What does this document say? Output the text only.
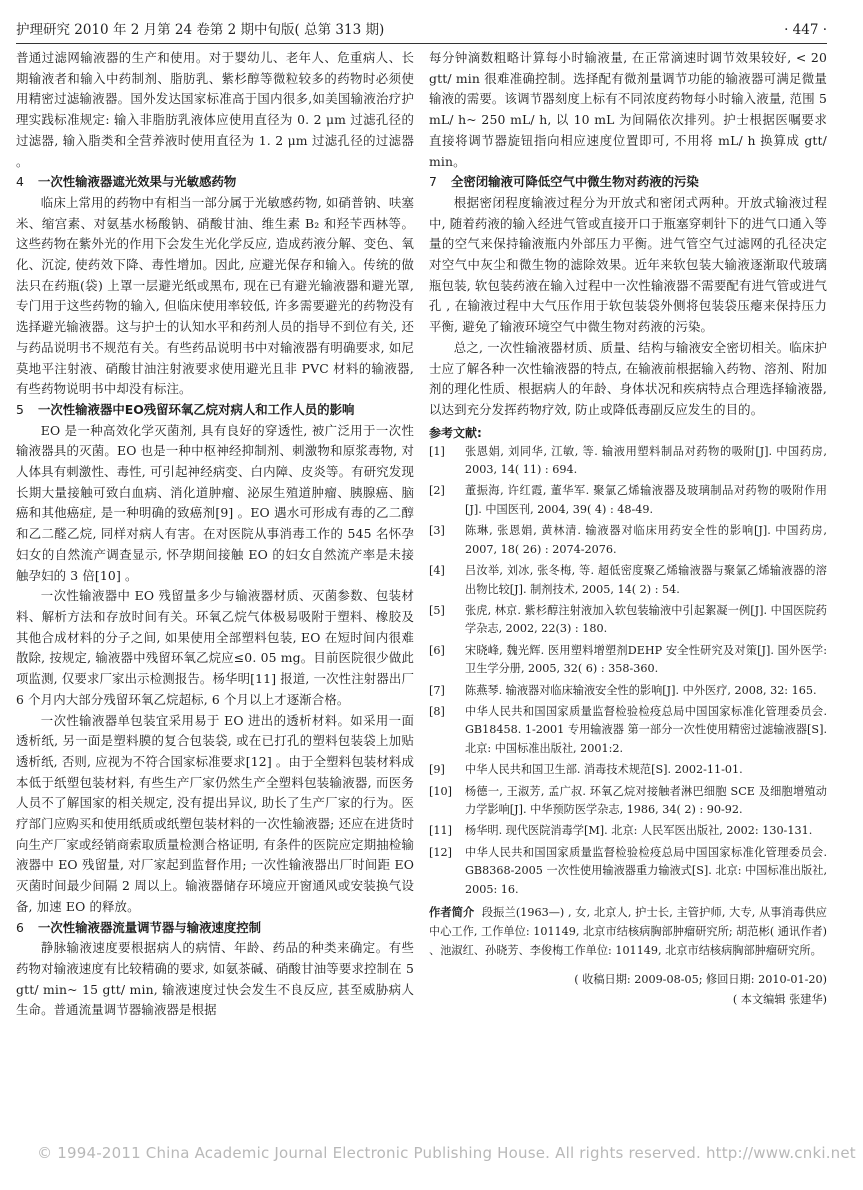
护理研究 2010 年 2 月第 24 卷第 2 期中旬版( 总第 313 期)	· 447 ·

普通过滤网输液器的生产和使用。对于婴幼儿、老年人、危重病人、长期输液者和输入中药制剂、脂肪乳、紫杉醇等微粒较多的药物时必须使用精密过滤输液器。国外发达国家标准高于国内很多,如美国输液治疗护理实践标准规定: 输入非脂肪乳液体应使用直径为 0. 2 μm 过滤孔径的过滤器, 输入脂类和全营养液时使用直径为 1. 2 μm 过滤孔径的过滤器 。

4 一次性输液器遮光效果与光敏感药物

临床上常用的药物中有相当一部分属于光敏感药物, 如硝普钠、呋塞米、缩宫素、对氨基水杨酸钠、硝酸甘油、维生素 B₂ 和羟苄西林等。这些药物在紫外光的作用下会发生光化学反应, 造成药液分解、变色、氧化、沉淀, 使药效下降、毒性增加。因此, 应避光保存和输入。传统的做法只在药瓶(袋) 上罩一层避光纸或黑布, 现在已有避光输液器和避光罩, 专门用于这些药物的输入, 但临床使用率较低, 许多需要避光的药物没有选择避光输液器。这与护士的认知水平和药剂人员的指导不到位有关, 还与药品说明书不规范有关。有些药品说明书中对输液器有明确要求, 如尼莫地平注射液、硝酸甘油注射液要求使用避光且非 PVC 材料的输液器, 有些药物说明书中却没有标注。

5 一次性输液器中EO残留环氧乙烷对病人和工作人员的影响

EO 是一种高效化学灭菌剂, 具有良好的穿透性, 被广泛用于一次性输液器具的灭菌。EO 也是一种中枢神经抑制剂、刺激物和原浆毒物, 对人体具有刺激性、毒性, 可引起神经病变、白内障、皮炎等。有研究发现长期大量接触可致白血病、消化道肿瘤、泌尿生殖道肿瘤、胰腺癌、脑癌和其他癌症, 是一种明确的致癌剂[9] 。EO 遇水可形成有毒的乙二醇和乙二醛乙烷, 同样对病人有害。在对医院从事消毒工作的 545 名怀孕妇女的自然流产调查显示, 怀孕期间接触 EO 的妇女自然流产率是未接触孕妇的 3 倍[10] 。

一次性输液器中 EO 残留量多少与输液器材质、灭菌参数、包装材料、解析方法和存放时间有关。环氧乙烷气体极易吸附于塑料、橡胶及其他合成材料的分子之间, 如果使用全部塑料包装, EO 在短时间内很难散除, 按规定, 输液器中残留环氧乙烷应≤0. 05 mg。目前医院很少做此项监测, 仅要求厂家出示检测报告。杨华明[11] 报道, 一次性注射器出厂 6 个月内大部分残留环氧乙烷超标, 6 个月以上才逐渐合格。

一次性输液器单包装宜采用易于 EO 进出的透析材料。如采用一面透析纸, 另一面是塑料膜的复合包装袋, 或在已打孔的塑料包装袋上加贴透析纸, 否则, 应视为不符合国家标准要求[12] 。由于全塑料包装材料成本低于纸塑包装材料, 有些生产厂家仍然生产全塑料包装输液器, 而医务人员不了解国家的相关规定, 没有提出异议, 助长了生产厂家的行为。医疗部门应购买和使用纸质或纸塑包装材料的一次性输液器; 还应在进货时向生产厂家或经销商索取质量检测合格证明, 有条件的医院应定期抽检输液器中 EO 残留量, 对厂家起到监督作用; 一次性输液器出厂时间距 EO 灭菌时间最少间隔 2 周以上。输液器储存环境应开窗通风或安装换气设备, 加速 EO 的释放。

6 一次性输液器流量调节器与输液速度控制

静脉输液速度要根据病人的病情、年龄、药品的种类来确定。有些药物对输液速度有比较精确的要求, 如氨茶碱、硝酸甘油等要求控制在 5 gtt/ min~ 15 gtt/ min, 输液速度过快会发生不良反应, 甚至威胁病人生命。普通流量调节器输液器是根据

每分钟滴数粗略计算每小时输液量, 在正常滴速时调节效果较好, < 20 gtt/ min 很难准确控制。选择配有微剂量调节功能的输液器可满足微量输液的需要。该调节器刻度上标有不同浓度药物每小时输入液量, 范围 5 mL/ h~ 250 mL/ h, 以 10 mL 为间隔依次排列。护士根据医嘱要求直接将调节器旋钮指向相应速度位置即可, 不用将 mL/ h 换算成 gtt/ min。

7 全密闭输液可降低空气中微生物对药液的污染

根据密闭程度输液过程分为开放式和密闭式两种。开放式输液过程中, 随着药液的输入经进气管或直接开口于瓶塞穿刺针下的进气口通入等量的空气来保持输液瓶内外部压力平衡。进气管空气过滤网的孔径决定对空气中灰尘和微生物的滤除效果。近年来软包装大输液逐渐取代玻璃瓶包装, 软包装药液在输入过程中一次性输液器不需要配有进气管或进气孔 , 在输液过程中大气压作用于软包装袋外侧将包装袋压瘪来保持压力平衡, 避免了输液环境空气中微生物对药液的污染。

总之, 一次性输液器材质、质量、结构与输液安全密切相关。临床护士应了解各种一次性输液器的特点, 在输液前根据输入药物、溶剂、附加剂的理化性质、根据病人的年龄、身体状况和疾病特点合理选择输液器, 以达到充分发挥药物疗效, 防止或降低毒副反应发生的目的。

参考文献:
[1]	张恩娟, 刘同华, 江敏, 等. 输液用塑料制品对药物的吸附[J]. 中国药房, 2003, 14( 11) : 694.
[2]	董振海, 许红霞, 董华军. 聚氯乙烯输液器及玻璃制品对药物的吸附作用[J]. 中国医刊, 2004, 39( 4) : 48-49.
[3]	陈琳, 张恩娟, 黄林清. 输液器对临床用药安全性的影响[J]. 中国药房, 2007, 18( 26) : 2074-2076.
[4]	吕汝举, 刘冰, 张冬梅, 等. 超低密度聚乙烯输液器与聚氯乙烯输液器的溶出物比较[J]. 制剂技术, 2005, 14( 2) : 54.
[5]	张虎, 林京. 紫杉醇注射液加入软包装输液中引起絮凝一例[J]. 中国医院药学杂志, 2002, 22(3) : 180.
[6]	宋晓峰, 魏光辉. 医用塑料增塑剂DEHP 安全性研究及对策[J]. 国外医学: 卫生学分册, 2005, 32( 6) : 358-360.
[7]	陈燕琴. 输液器对临床输液安全性的影响[J]. 中外医疗, 2008, 32: 165.
[8]	中华人民共和国国家质量监督检验检疫总局中国国家标准化管理委员会. GB18458. 1-2001 专用输液器 第一部分一次性使用精密过滤输液器[S]. 北京: 中国标准出版社, 2001:2.
[9]	中华人民共和国卫生部. 消毒技术规范[S]. 2002-11-01.
[10]	杨德一, 王淑芳, 孟广叔. 环氧乙烷对接触者淋巴细胞 SCE 及细胞增殖动力学影响[J]. 中华预防医学杂志, 1986, 34( 2) : 90-92.
[11]	杨华明. 现代医院消毒学[M]. 北京: 人民军医出版社, 2002: 130-131.
[12]	中华人民共和国国家质量监督检验检疫总局中国国家标准化管理委员会. GB8368-2005 一次性使用输液器重力输液式[S]. 北京: 中国标准出版社, 2005: 16.
作者简介 段振兰(1963—) , 女, 北京人, 护士长, 主管护师, 大专, 从事消毒供应中心工作, 工作单位: 101149, 北京市结核病胸部肿瘤研究所; 胡范彬( 通讯作者) 、池淑红、孙晓芳、李俊梅工作单位: 101149, 北京市结核病胸部肿瘤研究所。
( 收稿日期: 2009-08-05; 修回日期: 2010-01-20)
( 本文编辑 张建华)
© 1994-2011 China Academic Journal Electronic Publishing House. All rights reserved. http://www.cnki.net
